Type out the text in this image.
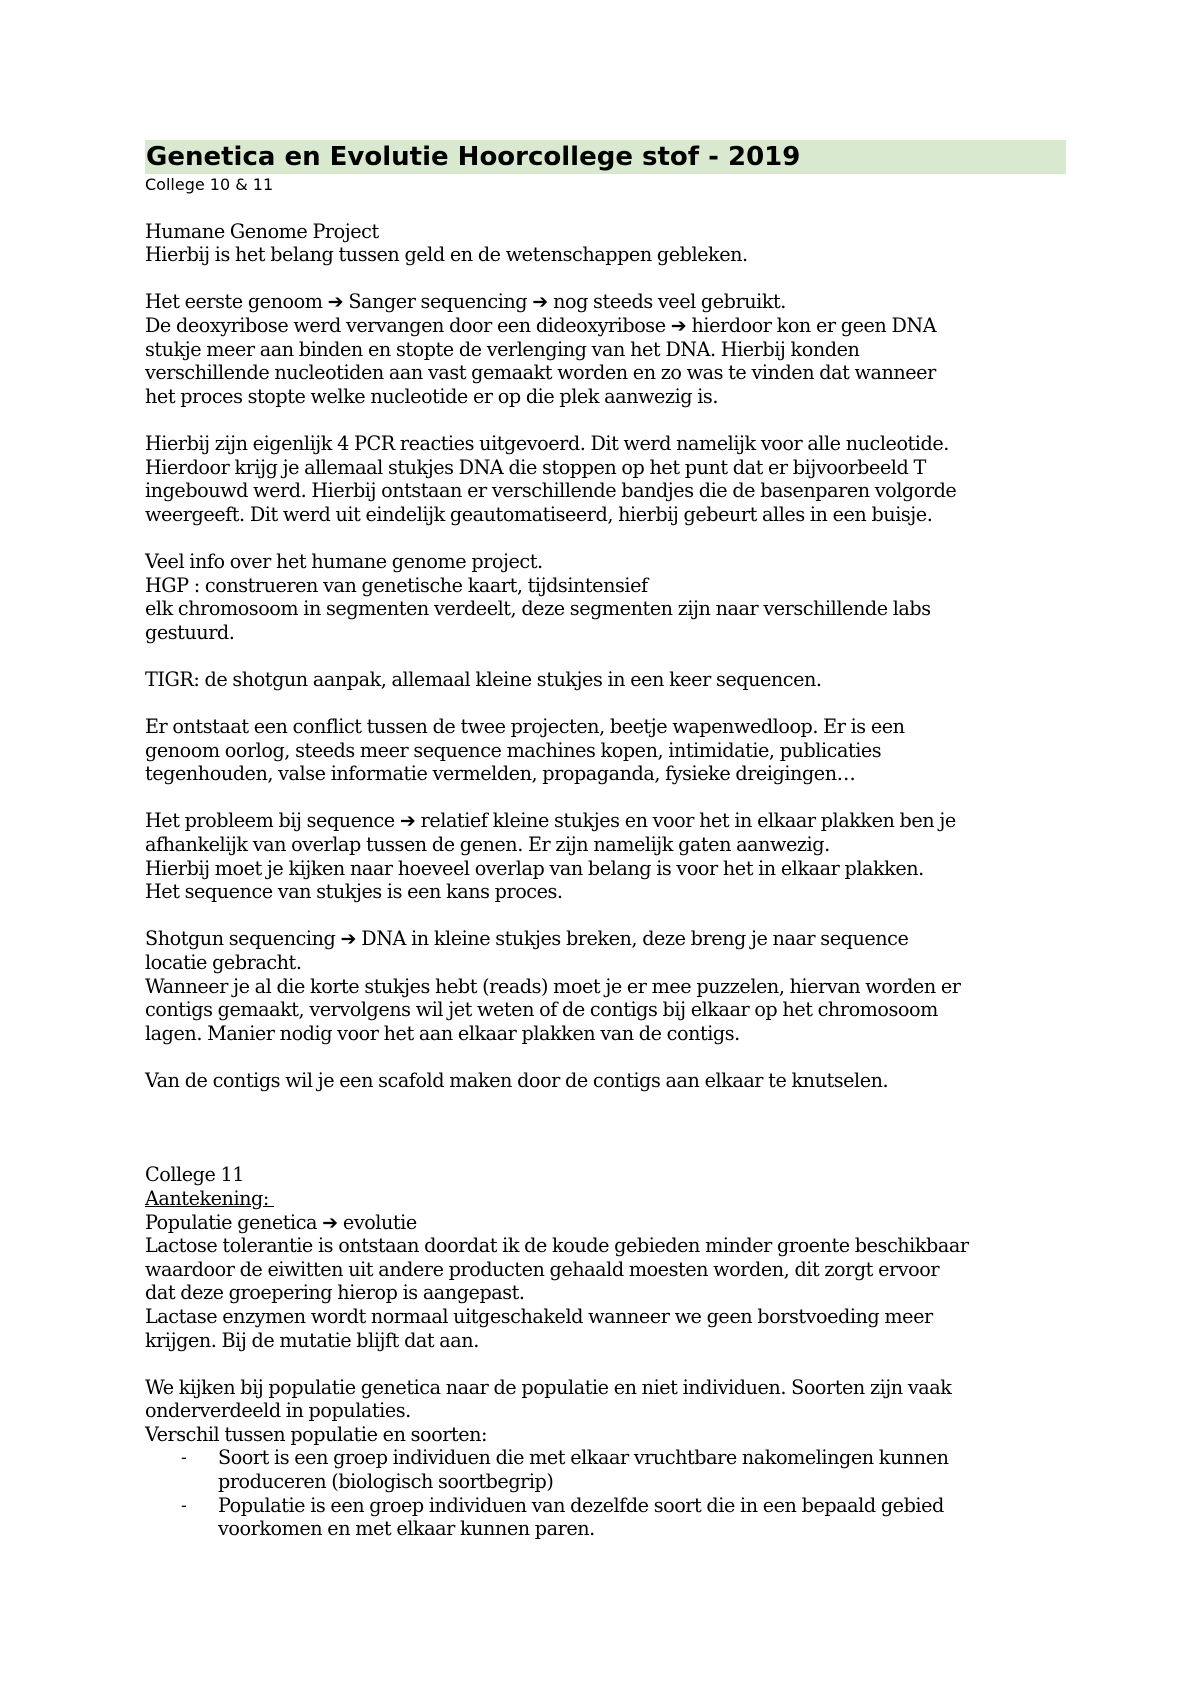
Genetica en Evolutie Hoorcollege stof - 2019
College 10 & 11
Humane Genome Project
Hierbij is het belang tussen geld en de wetenschappen gebleken.
Het eerste genoom ➔ Sanger sequencing ➔ nog steeds veel gebruikt.
De deoxyribose werd vervangen door een dideoxyribose ➔ hierdoor kon er geen DNA
stukje meer aan binden en stopte de verlenging van het DNA. Hierbij konden
verschillende nucleotiden aan vast gemaakt worden en zo was te vinden dat wanneer
het proces stopte welke nucleotide er op die plek aanwezig is.
Hierbij zijn eigenlijk 4 PCR reacties uitgevoerd. Dit werd namelijk voor alle nucleotide.
Hierdoor krijg je allemaal stukjes DNA die stoppen op het punt dat er bijvoorbeeld T
ingebouwd werd. Hierbij ontstaan er verschillende bandjes die de basenparen volgorde
weergeeft. Dit werd uit eindelijk geautomatiseerd, hierbij gebeurt alles in een buisje.
Veel info over het humane genome project.
HGP : construeren van genetische kaart, tijdsintensief
elk chromosoom in segmenten verdeelt, deze segmenten zijn naar verschillende labs
gestuurd.
TIGR: de shotgun aanpak, allemaal kleine stukjes in een keer sequencen.
Er ontstaat een conflict tussen de twee projecten, beetje wapenwedloop. Er is een
genoom oorlog, steeds meer sequence machines kopen, intimidatie, publicaties
tegenhouden, valse informatie vermelden, propaganda, fysieke dreigingen…
Het probleem bij sequence ➔ relatief kleine stukjes en voor het in elkaar plakken ben je
afhankelijk van overlap tussen de genen. Er zijn namelijk gaten aanwezig.
Hierbij moet je kijken naar hoeveel overlap van belang is voor het in elkaar plakken.
Het sequence van stukjes is een kans proces.
Shotgun sequencing ➔ DNA in kleine stukjes breken, deze breng je naar sequence
locatie gebracht.
Wanneer je al die korte stukjes hebt (reads) moet je er mee puzzelen, hiervan worden er
contigs gemaakt, vervolgens wil jet weten of de contigs bij elkaar op het chromosoom
lagen. Manier nodig voor het aan elkaar plakken van de contigs.
Van de contigs wil je een scafold maken door de contigs aan elkaar te knutselen.
College 11
Aantekening:
Populatie genetica ➔ evolutie
Lactose tolerantie is ontstaan doordat ik de koude gebieden minder groente beschikbaar
waardoor de eiwitten uit andere producten gehaald moesten worden, dit zorgt ervoor
dat deze groepering hierop is aangepast.
Lactase enzymen wordt normaal uitgeschakeld wanneer we geen borstvoeding meer
krijgen. Bij de mutatie blijft dat aan.
We kijken bij populatie genetica naar de populatie en niet individuen. Soorten zijn vaak
onderverdeeld in populaties.
Verschil tussen populatie en soorten:
- Soort is een groep individuen die met elkaar vruchtbare nakomelingen kunnen
produceren (biologisch soortbegrip)
- Populatie is een groep individuen van dezelfde soort die in een bepaald gebied
voorkomen en met elkaar kunnen paren.
